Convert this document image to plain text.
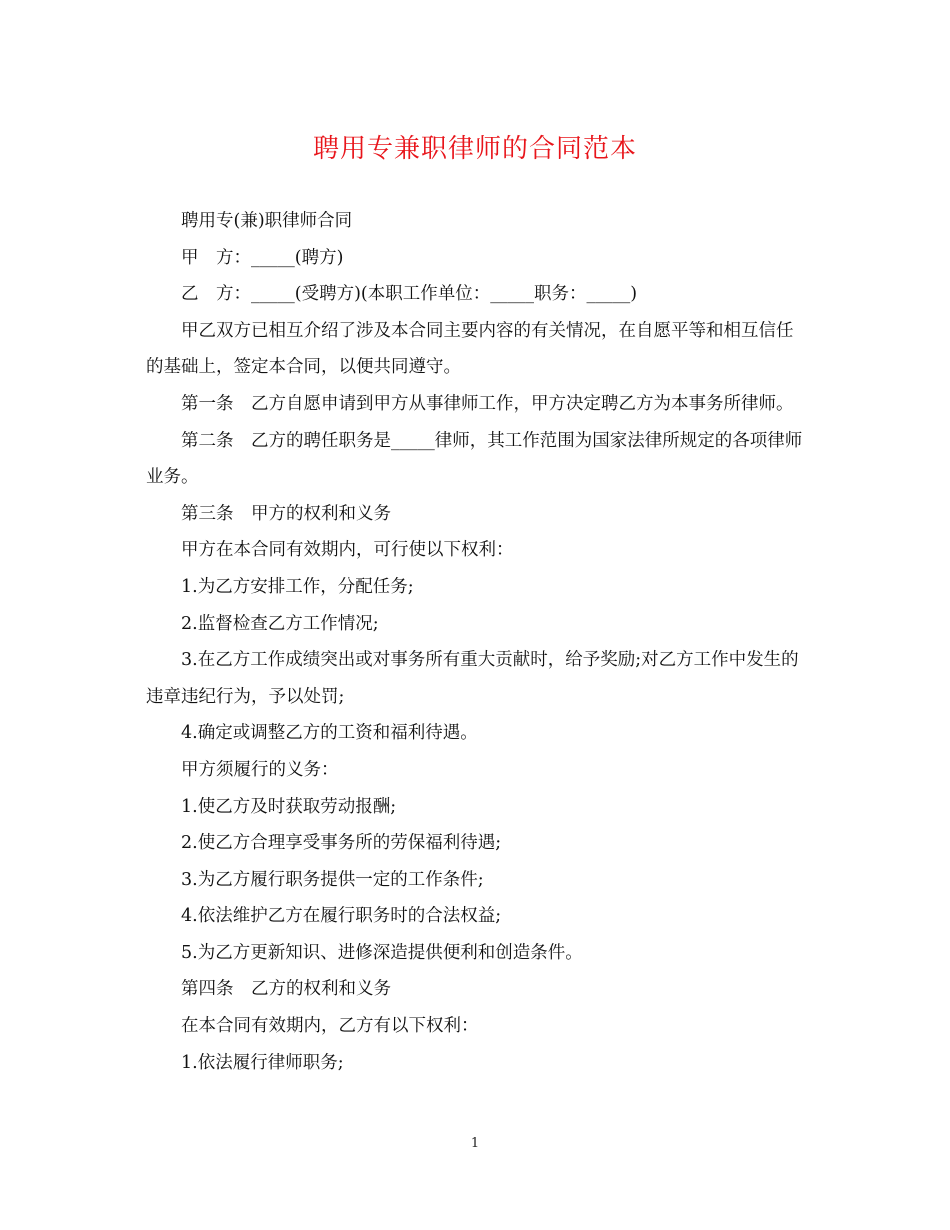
聘用专兼职律师的合同范本

聘用专(兼)职律师合同

甲　方：_____(聘方)

乙　方：_____(受聘方)(本职工作单位：_____职务：_____)

甲乙双方已相互介绍了涉及本合同主要内容的有关情况，在自愿平等和相互信任的基础上，签定本合同，以便共同遵守。

第一条　乙方自愿申请到甲方从事律师工作，甲方决定聘乙方为本事务所律师。

第二条　乙方的聘任职务是_____律师，其工作范围为国家法律所规定的各项律师业务。

第三条　甲方的权利和义务

甲方在本合同有效期内，可行使以下权利：

1.为乙方安排工作，分配任务;

2.监督检查乙方工作情况;

3.在乙方工作成绩突出或对事务所有重大贡献时，给予奖励;对乙方工作中发生的违章违纪行为，予以处罚;

4.确定或调整乙方的工资和福利待遇。

甲方须履行的义务：

1.使乙方及时获取劳动报酬;

2.使乙方合理享受事务所的劳保福利待遇;

3.为乙方履行职务提供一定的工作条件;

4.依法维护乙方在履行职务时的合法权益;

5.为乙方更新知识、进修深造提供便利和创造条件。

第四条　乙方的权利和义务

在本合同有效期内，乙方有以下权利：

1.依法履行律师职务;

1
